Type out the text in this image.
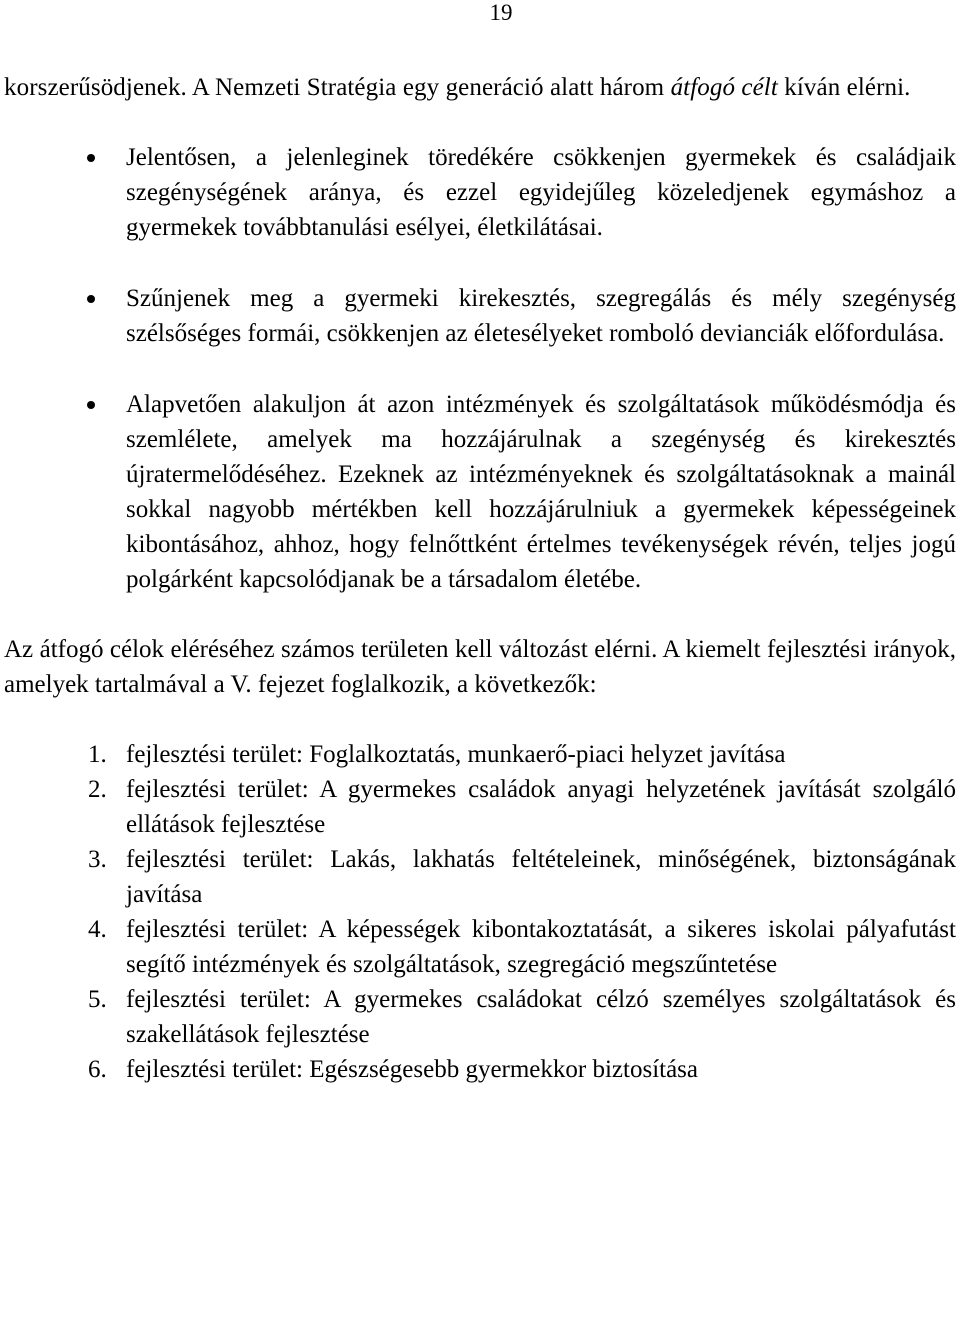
19

korszerűsödjenek. A Nemzeti Stratégia egy generáció alatt három átfogó célt kíván elérni.

Jelentősen, a jelenleginek töredékére csökkenjen gyermekek és családjaik szegénységének aránya, és ezzel egyidejűleg közeledjenek egymáshoz a gyermekek továbbtanulási esélyei, életkilátásai.
Szűnjenek meg a gyermeki kirekesztés, szegregálás és mély szegénység szélsőséges formái, csökkenjen az életesélyeket romboló devianciák előfordulása.
Alapvetően alakuljon át azon intézmények és szolgáltatások működésmódja és szemlélete, amelyek ma hozzájárulnak a szegénység és kirekesztés újratermelődéséhez. Ezeknek az intézményeknek és szolgáltatásoknak a mainál sokkal nagyobb mértékben kell hozzájárulniuk a gyermekek képességeinek kibontásához, ahhoz, hogy felnőttként értelmes tevékenységek révén, teljes jogú polgárként kapcsolódjanak be a társadalom életébe.

Az átfogó célok eléréséhez számos területen kell változást elérni. A kiemelt fejlesztési irányok, amelyek tartalmával a V. fejezet foglalkozik, a következők:

1. fejlesztési terület: Foglalkoztatás, munkaerő-piaci helyzet javítása
2. fejlesztési terület: A gyermekes családok anyagi helyzetének javítását szolgáló ellátások fejlesztése
3. fejlesztési terület: Lakás, lakhatás feltételeinek, minőségének, biztonságának javítása
4. fejlesztési terület: A képességek kibontakoztatását, a sikeres iskolai pályafutást segítő intézmények és szolgáltatások, szegregáció megszűntetése
5. fejlesztési terület: A gyermekes családokat célzó személyes szolgáltatások és szakellátások fejlesztése
6. fejlesztési terület: Egészségesebb gyermekkor biztosítása
